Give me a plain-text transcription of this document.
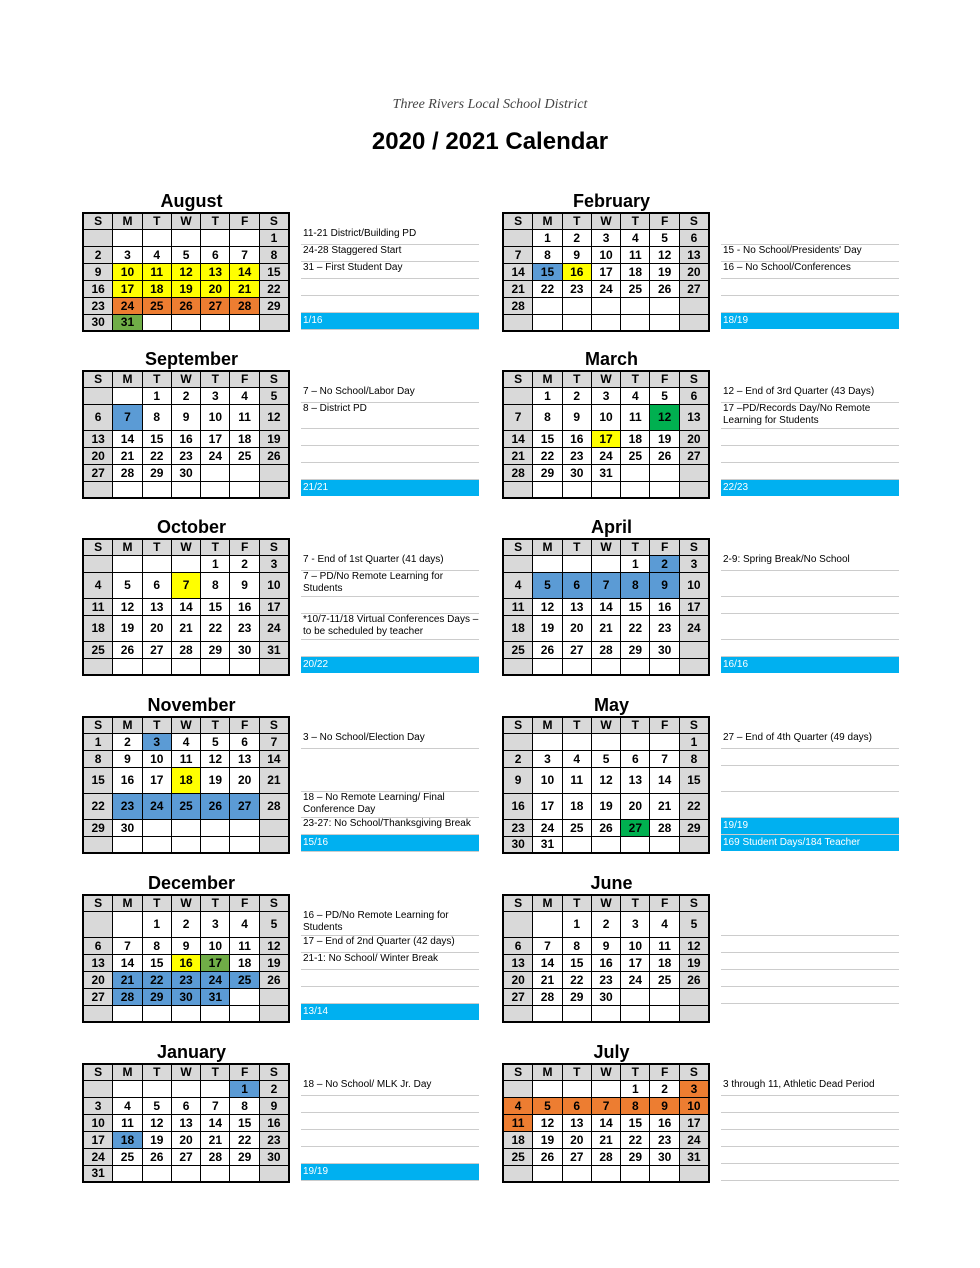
Three Rivers Local School District
2020 / 2021 Calendar
August
S	M	T	W	T	F	S
						1
2	3	4	5	6	7	8
9	10	11	12	13	14	15
16	17	18	19	20	21	22
23	24	25	26	27	28	29
30	31					
11-21 District/Building PD
24-28 Staggered Start
31 – First Student Day
1/16
September
S	M	T	W	T	F	S
		1	2	3	4	5
6	7	8	9	10	11	12
13	14	15	16	17	18	19
20	21	22	23	24	25	26
27	28	29	30			

7 – No School/Labor Day
8 – District PD
21/21
October
S	M	T	W	T	F	S
				1	2	3
4	5	6	7	8	9	10
11	12	13	14	15	16	17
18	19	20	21	22	23	24
25	26	27	28	29	30	31

7 - End of 1st Quarter (41 days)
7 – PD/No Remote Learning for Students
*10/7-11/18 Virtual Conferences Days – to be scheduled by teacher
20/22
November
S	M	T	W	T	F	S
1	2	3	4	5	6	7
8	9	10	11	12	13	14
15	16	17	18	19	20	21
22	23	24	25	26	27	28
29	30					

3 – No School/Election Day
18 – No Remote Learning/ Final Conference Day
23-27: No School/Thanksgiving Break
15/16
December
S	M	T	W	T	F	S
		1	2	3	4	5
6	7	8	9	10	11	12
13	14	15	16	17	18	19
20	21	22	23	24	25	26
27	28	29	30	31		

16 – PD/No Remote Learning for Students
17 – End of 2nd Quarter (42 days)
21-1: No School/ Winter Break
13/14
January
S	M	T	W	T	F	S
					1	2
3	4	5	6	7	8	9
10	11	12	13	14	15	16
17	18	19	20	21	22	23
24	25	26	27	28	29	30
31						
18 – No School/ MLK Jr. Day
19/19
February
S	M	T	W	T	F	S
	1	2	3	4	5	6
7	8	9	10	11	12	13
14	15	16	17	18	19	20
21	22	23	24	25	26	27
28						

15 - No School/Presidents' Day
16 – No School/Conferences
18/19
March
S	M	T	W	T	F	S
	1	2	3	4	5	6
7	8	9	10	11	12	13
14	15	16	17	18	19	20
21	22	23	24	25	26	27
28	29	30	31			

12 – End of 3rd Quarter (43 Days)
17 –PD/Records Day/No Remote Learning for Students
22/23
April
S	M	T	W	T	F	S
				1	2	3
4	5	6	7	8	9	10
11	12	13	14	15	16	17
18	19	20	21	22	23	24
25	26	27	28	29	30	

2-9: Spring Break/No School
16/16
May
S	M	T	W	T	F	S
						1
2	3	4	5	6	7	8
9	10	11	12	13	14	15
16	17	18	19	20	21	22
23	24	25	26	27	28	29
30	31					
27 – End of 4th Quarter (49 days)
19/19
169 Student Days/184 Teacher
June
S	M	T	W	T	F	S
		1	2	3	4	5
6	7	8	9	10	11	12
13	14	15	16	17	18	19
20	21	22	23	24	25	26
27	28	29	30			

July
S	M	T	W	T	F	S
				1	2	3
4	5	6	7	8	9	10
11	12	13	14	15	16	17
18	19	20	21	22	23	24
25	26	27	28	29	30	31

3 through 11, Athletic Dead Period
